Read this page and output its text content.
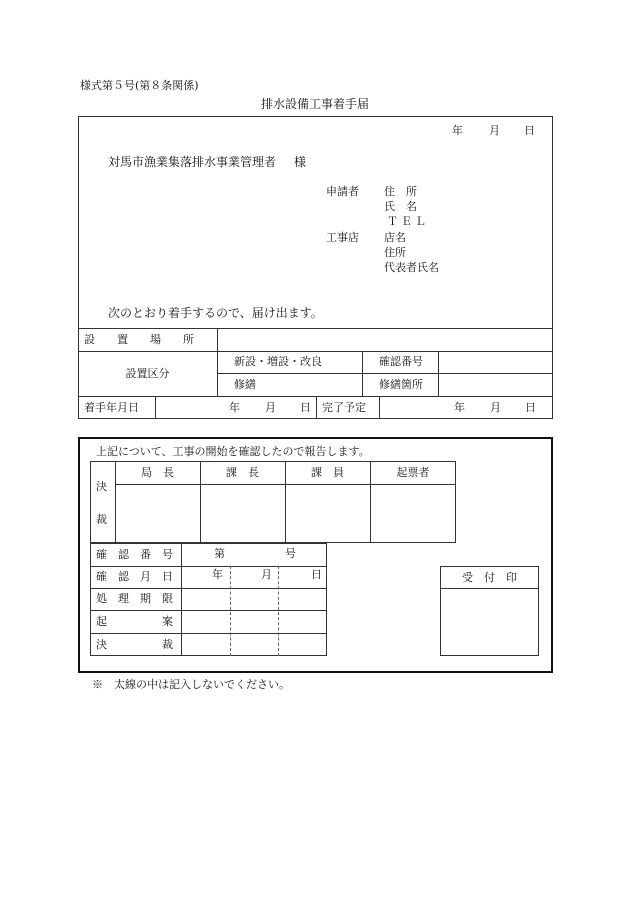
様式第５号(第８条関係)
排水設備工事着手届
年 月 日
対馬市漁業集落排水事業管理者 様
申請者 住　所
氏　名
ＴＥＬ
工事店 店名
住所
代表者氏名
次のとおり着手するので、届け出ます。
設　　置　　場　　所
設置区分
新設・増設・改良	確認番号
修繕	修繕箇所
着手年月日	年 月 日 完了予定	年 月 日
上記について、工事の開始を確認したので報告します。
決
裁
局　長	課　長	課　員	起票者
確　認　番　号	第	号
確　認　月　日	年	月	日
処　理　期　限
起　　　　　案
決　　　　　裁
受　付　印
※　太線の中は記入しないでください。
